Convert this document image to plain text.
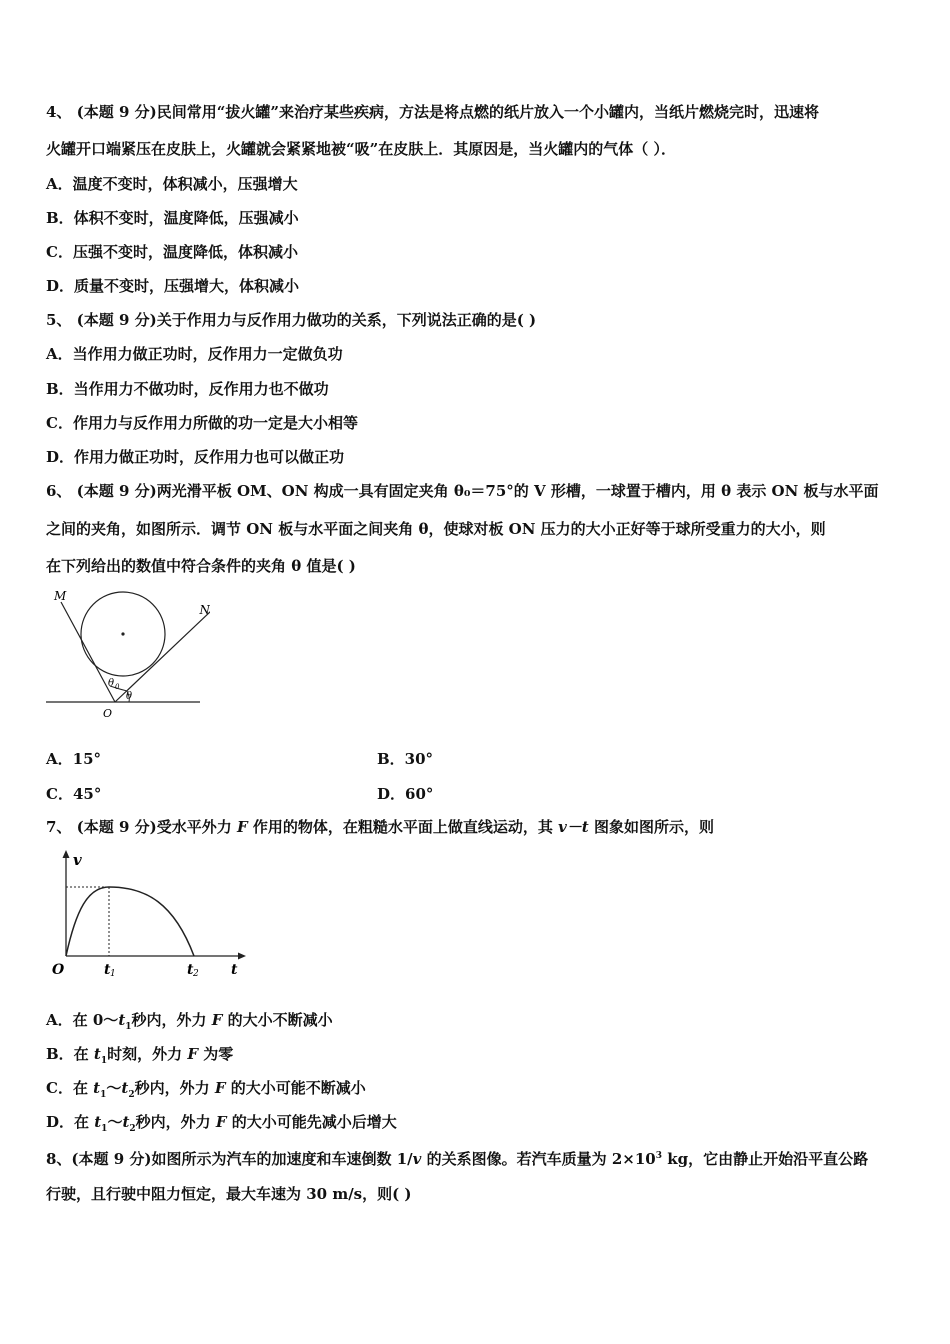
4、 (本题 9 分)民间常用“拔火罐”来治疗某些疾病，方法是将点燃的纸片放入一个小罐内，当纸片燃烧完时，迅速将
火罐开口端紧压在皮肤上，火罐就会紧紧地被“吸”在皮肤上．其原因是，当火罐内的气体（ ）．
A．温度不变时，体积减小，压强增大
B．体积不变时，温度降低，压强减小
C．压强不变时，温度降低，体积减小
D．质量不变时，压强增大，体积减小
5、 (本题 9 分)关于作用力与反作用力做功的关系，下列说法正确的是( )
A．当作用力做正功时，反作用力一定做负功
B．当作用力不做功时，反作用力也不做功
C．作用力与反作用力所做的功一定是大小相等
D．作用力做正功时，反作用力也可以做正功
6、 (本题 9 分)两光滑平板 OM、ON 构成一具有固定夹角 θ₀＝75°的 V 形槽，一球置于槽内，用 θ 表示 ON 板与水平面
之间的夹角，如图所示．调节 ON 板与水平面之间夹角 θ，使球对板 ON 压力的大小正好等于球所受重力的大小，则
在下列给出的数值中符合条件的夹角 θ 值是( )
M
N
O
θ 0
θ
A．15°	B．30°
C．45°	D．60°
7、 (本题 9 分)受水平外力 F 作用的物体，在粗糙水平面上做直线运动，其 v－t 图象如图所示，则
v
O	t 1	t 2 t
A．在 $0\sim t_1$秒内，外力 F 的大小不断减小
B．在 $t_1$时刻，外力 F 为零
C．在 $t_1\sim t_2$秒内，外力 F 的大小可能不断减小
D．在 $t_1\sim t_2$秒内，外力 F 的大小可能先减小后增大
8、(本题 9 分)如图所示为汽车的加速度和车速倒数 1/v 的关系图像。若汽车质量为 $2\times 10^3$ kg，它由静止开始沿平直公路
行驶，且行驶中阻力恒定，最大车速为 30 m/s，则( )
